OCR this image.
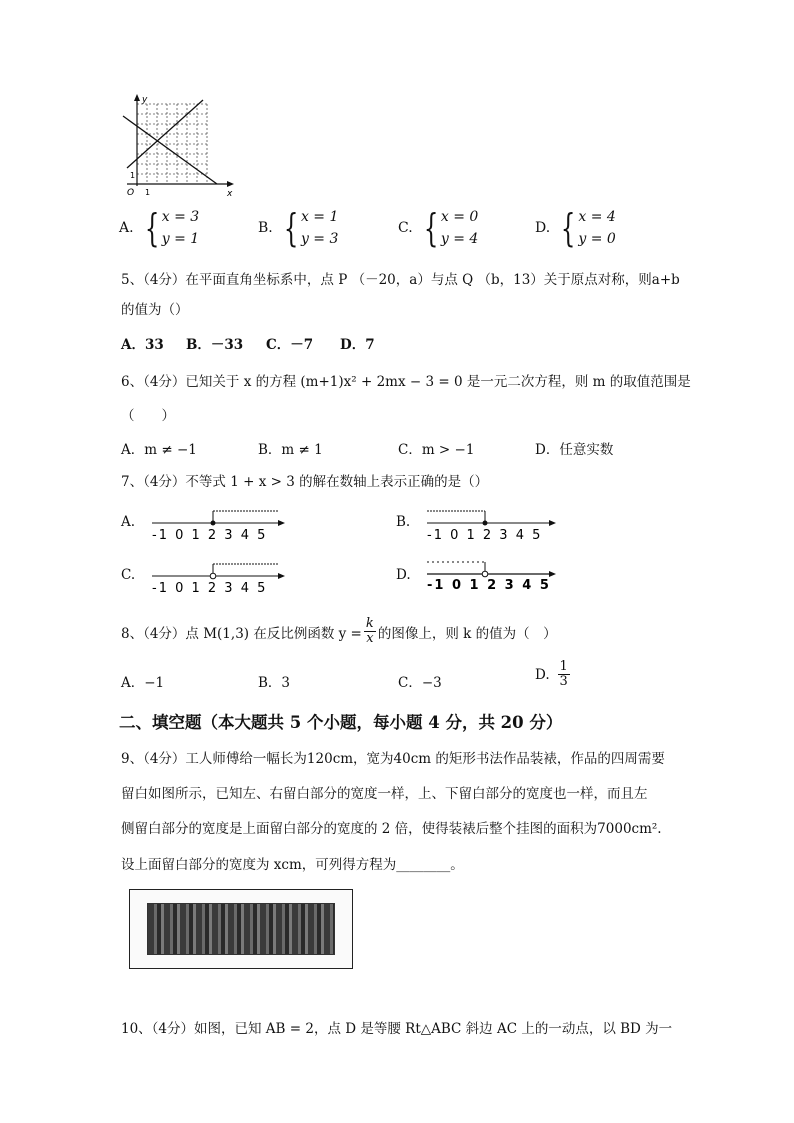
y
x
O 1
1
A. { x = 3
y = 1
B. { x = 1
y = 3
C. { x = 0
y = 4
D. { x = 4
y = 0
5、（4分）在平面直角坐标系中，点 P （－20，a）与点 Q （b，13）关于原点对称，则a+b
的值为（）
A．33 B．－33 C．－7 D．7
6、（4分）已知关于 x 的方程 (m+1)x² + 2mx − 3 = 0 是一元二次方程，则 m 的取值范围是
（　　）
A．m ≠ −1	B．m ≠ 1	C．m > −1	D．任意实数
7、（4分）不等式 1 + x > 3 的解在数轴上表示正确的是（）
A.
-1 0 1 2 3 4 5
B.
-1 0 1 2 3 4 5
C.
-1 0 1 2 3 4 5
D.
-1 0 1 2 3 4 5
8、（4分）点 M(1,3) 在反比例函数 $y = \frac{k}{x}$ 的图像上，则 k 的值为（　）
A．−1	B．3	C．−3
D. $\frac{1}{3}$
二、填空题（本大题共 5 个小题，每小题 4 分，共 20 分）
9、（4分）工人师傅给一幅长为120cm，宽为40cm 的矩形书法作品装裱，作品的四周需要
留白如图所示，已知左、右留白部分的宽度一样，上、下留白部分的宽度也一样，而且左
侧留白部分的宽度是上面留白部分的宽度的 2 倍，使得装裱后整个挂图的面积为7000cm².
设上面留白部分的宽度为 xcm，可列得方程为________。
10、（4分）如图，已知 AB = 2，点 D 是等腰 Rt△ABC 斜边 AC 上的一动点，以 BD 为一
